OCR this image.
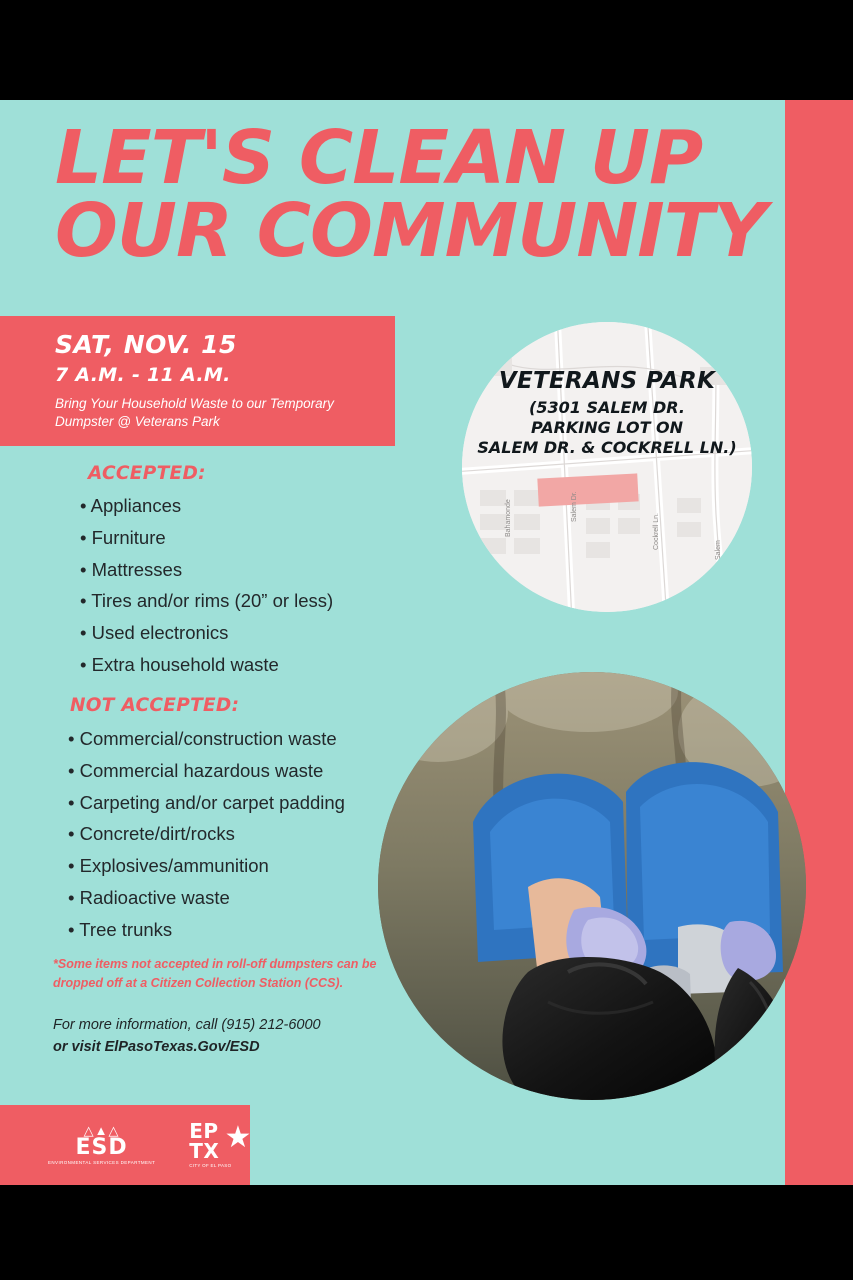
LET'S CLEAN UP
OUR COMMUNITY
SAT, NOV. 15
7 A.M. - 11 A.M.
Bring Your Household Waste to our Temporary Dumpster @ Veterans Park
ACCEPTED:
• Appliances
• Furniture
• Mattresses
• Tires and/or rims (20” or less)
• Used electronics
• Extra household waste
NOT ACCEPTED:
• Commercial/construction waste
• Commercial hazardous waste
• Carpeting and/or carpet padding
• Concrete/dirt/rocks
• Explosives/ammunition
• Radioactive waste
• Tree trunks
*Some items not accepted in roll-off dumpsters can be dropped off at a Citizen Collection Station (CCS).
For more information, call (915) 212-6000
or visit ElPasoTexas.Gov/ESD
△▲△
ESD
ENVIRONMENTAL SERVICES DEPARTMENT
EP
TX ★
CITY OF EL PASO
Bahamonde	Salem Dr.
Cockrell Ln.
Salem
VETERANS PARK
(5301 SALEM DR.
PARKING LOT ON
SALEM DR. & COCKRELL LN.)
